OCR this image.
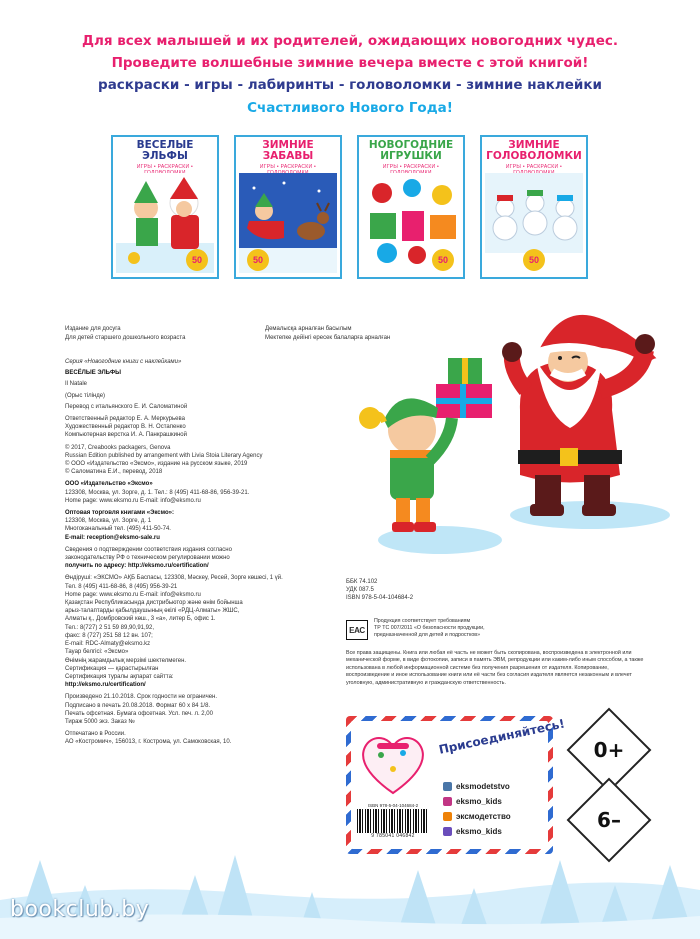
Для всех малышей и их родителей, ожидающих новогодних чудес.
Проведите волшебные зимние вечера вместе с этой книгой!
раскраски - игры - лабиринты - головоломки - зимние наклейки
Счастливого Нового Года!
ВЕСЁЛЫЕ ЭЛЬФЫ
ИГРЫ • РАСКРАСКИ •
50
ЗИМНИЕ ЗАБАВЫ
ИГРЫ • РАСКРАСКИ •
50
НОВОГОДНИЕ ИГРУШКИ
ИГРЫ • РАСКРАСКИ •
50
ЗИМНИЕ ГОЛОВОЛОМКИ
ИГРЫ • РАСКРАСКИ •
50
Издание для досуга
Для детей старшего дошкольного возраста
Демалысқа арналған басылым
Мектепке дейінгі ересек балаларға арналған
Серия «Новогодние книги с наклейками»
ВЕСЁЛЫЕ ЭЛЬФЫ
Il Natale
(Орыс тілінде)
Перевод с итальянского Е. И. Саломатиной
Ответственный редактор Е. А. Меркурьева
Художественный редактор В. Н. Остапенко
Компьютерная верстка И. А. Панкрашкиной
© 2017, Creabooks packagers, Genova
Russian Edition published by arrangement with Livia Stoia Literary Agency
© ООО «Издательство «Эксмо», издание на русском языке, 2019
© Саломатина Е.И., перевод, 2018
ООО «Издательство «Эксмо»
123308, Москва, ул. Зорге, д. 1. Тел.: 8 (495) 411-68-86, 956-39-21.
Home page: www.eksmo.ru E-mail: info@eksmo.ru
Оптовая торговля книгами «Эксмо»:
123308, Москва, ул. Зорге, д. 1
Многоканальный тел. (495) 411-50-74.
E-mail: reception@eksmo-sale.ru
Сведения о подтверждении соответствия издания согласно
законодательству РФ о техническом регулировании можно
получить по адресу: http://eksmo.ru/certification/
Өндіруші: «ЭКСМО» АҚБ Баспасы, 123308, Мәскеу, Ресей, Зорге көшесі, 1 үй.
Тел. 8 (495) 411-68-86, 8 (495) 956-39-21
Home page: www.eksmo.ru E-mail: info@eksmo.ru
Қазақстан Республикасында дистрибьютор және өнім бойынша
арыз-талаптарды қабылдаушының өкілі «РДЦ-Алматы» ЖШС,
Алматы қ., Домбровский көш., 3 «а», литер Б, офис 1.
Тел.: 8(727) 2 51 59 89,90,91,92,
факс: 8 (727) 251 58 12 вн. 107;
E-mail: RDC-Almaty@eksmo.kz
Тауар белгісі: «Эксмо»
Өнімнің жарамдылық мерзімі шектелмеген.
Сертификация — қарастырылған
Сертификация туралы ақпарат сайтта:
http://eksmo.ru/certification/
Произведено 21.10.2018. Срок годности не ограничен.
Подписано в печать 20.08.2018. Формат 60 x 84 1/8.
Печать офсетная. Бумага офсетная. Усл. печ. л. 2,00
Тираж 5000 экз. Заказ №
Отпечатано в России.
АО «Костромич», 156013, г. Кострома, ул. Самоковская, 10.
ББК 74.102
УДК 087.5
ISBN 978-5-04-104684-2
ЕАС
Продукция соответствует требованиям
ТР ТС 007/2011 «О безопасности продукции,
предназначенной для детей и подростков»
Все права защищены. Книга или любая её часть не может быть скопирована, воспроизведена в электронной или механической форме, в виде фотокопии, записи в память ЭВМ, репродукции или каким-либо иным способом, а также использована в любой информационной системе без получения разрешения от издателя. Копирование, воспроизведение и иное использование книги или её части без согласия издателя является незаконным и влечет уголовную, административную и гражданскую ответственность.
Присоединяйтесь!
ISBN 978-5-04-104684-2
9 785041 046842
eksmodetstvo
eksmo_kids
эксмодетство
eksmo_kids
0+
6–
bookclub.by
